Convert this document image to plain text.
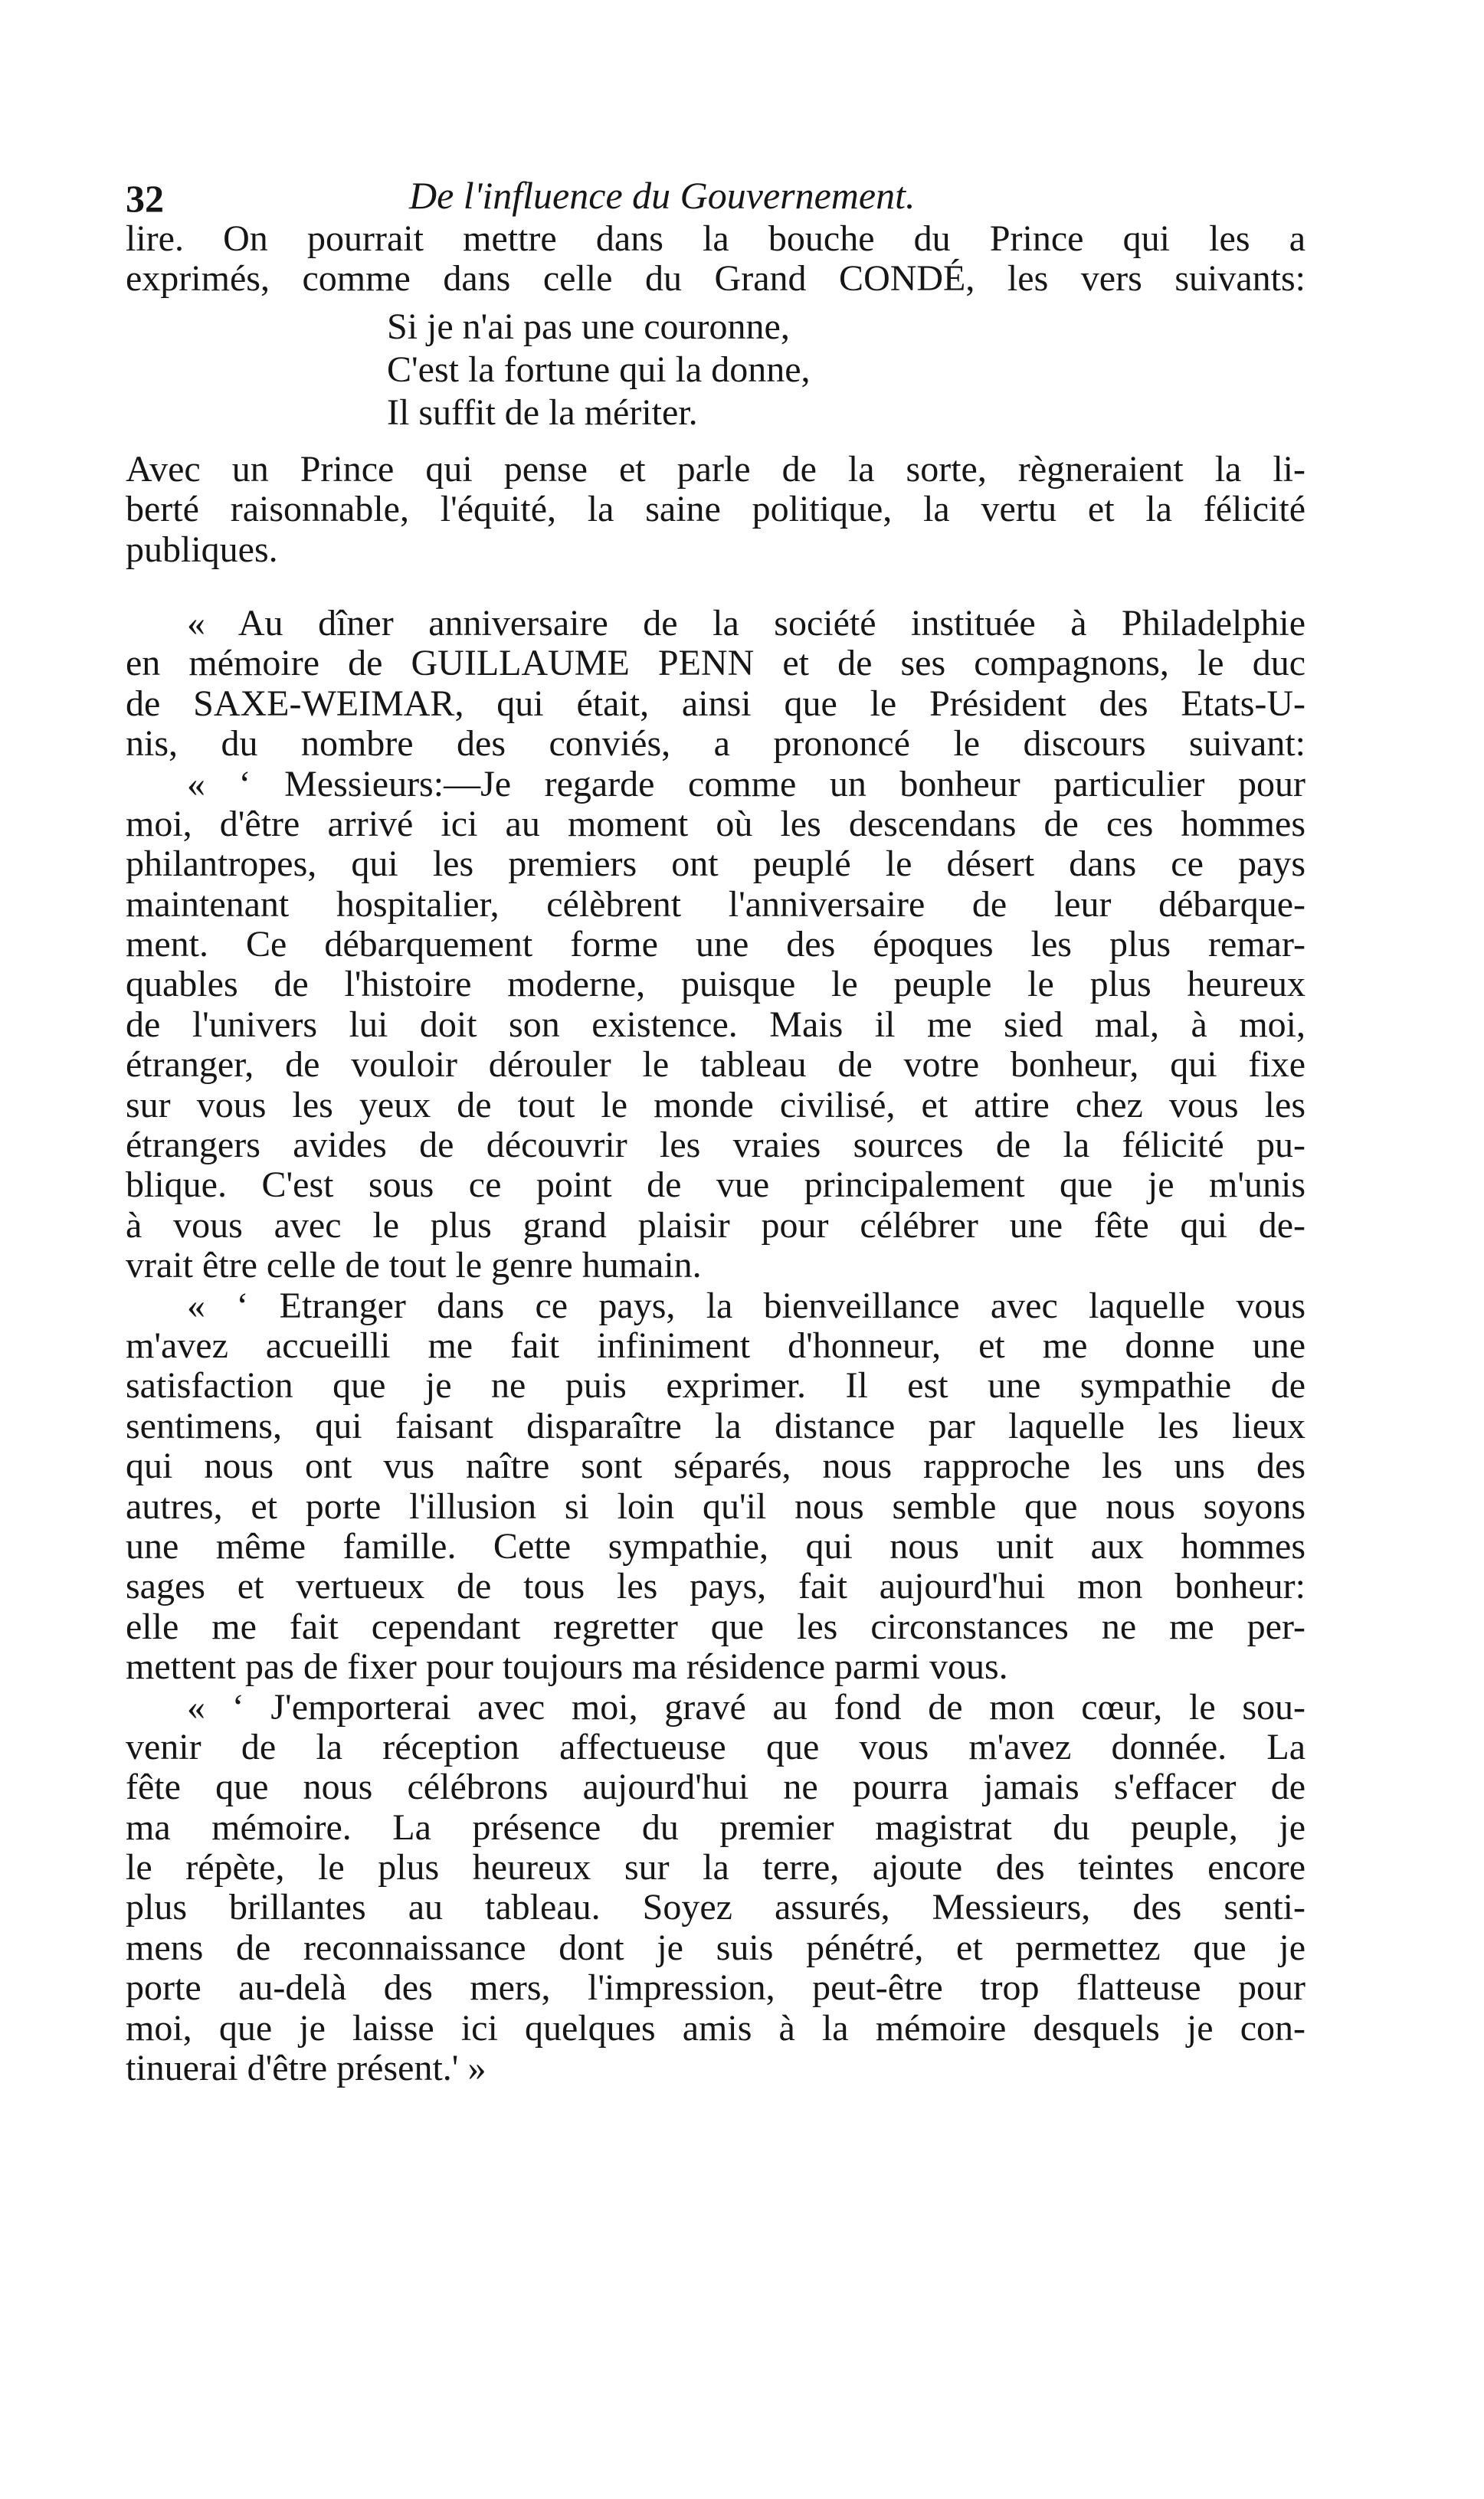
32	De l'influence du Gouvernement.
lire. On pourrait mettre dans la bouche du Prince qui les a
exprimés, comme dans celle du Grand CONDÉ, les vers suivants:
Si je n'ai pas une couronne,
C'est la fortune qui la donne,
Il suffit de la mériter.
Avec un Prince qui pense et parle de la sorte, règneraient la li-
berté raisonnable, l'équité, la saine politique, la vertu et la félicité
publiques.
« Au dîner anniversaire de la société instituée à Philadelphie
en mémoire de GUILLAUME PENN et de ses compagnons, le duc
de SAXE-WEIMAR, qui était, ainsi que le Président des Etats-U-
nis, du nombre des conviés, a prononcé le discours suivant:
« ‘ Messieurs:—Je regarde comme un bonheur particulier pour
moi, d'être arrivé ici au moment où les descendans de ces hommes
philantropes, qui les premiers ont peuplé le désert dans ce pays
maintenant hospitalier, célèbrent l'anniversaire de leur débarque-
ment. Ce débarquement forme une des époques les plus remar-
quables de l'histoire moderne, puisque le peuple le plus heureux
de l'univers lui doit son existence. Mais il me sied mal, à moi,
étranger, de vouloir dérouler le tableau de votre bonheur, qui fixe
sur vous les yeux de tout le monde civilisé, et attire chez vous les
étrangers avides de découvrir les vraies sources de la félicité pu-
blique. C'est sous ce point de vue principalement que je m'unis
à vous avec le plus grand plaisir pour célébrer une fête qui de-
vrait être celle de tout le genre humain.
« ‘ Etranger dans ce pays, la bienveillance avec laquelle vous
m'avez accueilli me fait infiniment d'honneur, et me donne une
satisfaction que je ne puis exprimer. Il est une sympathie de
sentimens, qui faisant disparaître la distance par laquelle les lieux
qui nous ont vus naître sont séparés, nous rapproche les uns des
autres, et porte l'illusion si loin qu'il nous semble que nous soyons
une même famille. Cette sympathie, qui nous unit aux hommes
sages et vertueux de tous les pays, fait aujourd'hui mon bonheur:
elle me fait cependant regretter que les circonstances ne me per-
mettent pas de fixer pour toujours ma résidence parmi vous.
« ‘ J'emporterai avec moi, gravé au fond de mon cœur, le sou-
venir de la réception affectueuse que vous m'avez donnée. La
fête que nous célébrons aujourd'hui ne pourra jamais s'effacer de
ma mémoire. La présence du premier magistrat du peuple, je
le répète, le plus heureux sur la terre, ajoute des teintes encore
plus brillantes au tableau. Soyez assurés, Messieurs, des senti-
mens de reconnaissance dont je suis pénétré, et permettez que je
porte au-delà des mers, l'impression, peut-être trop flatteuse pour
moi, que je laisse ici quelques amis à la mémoire desquels je con-
tinuerai d'être présent.' »
